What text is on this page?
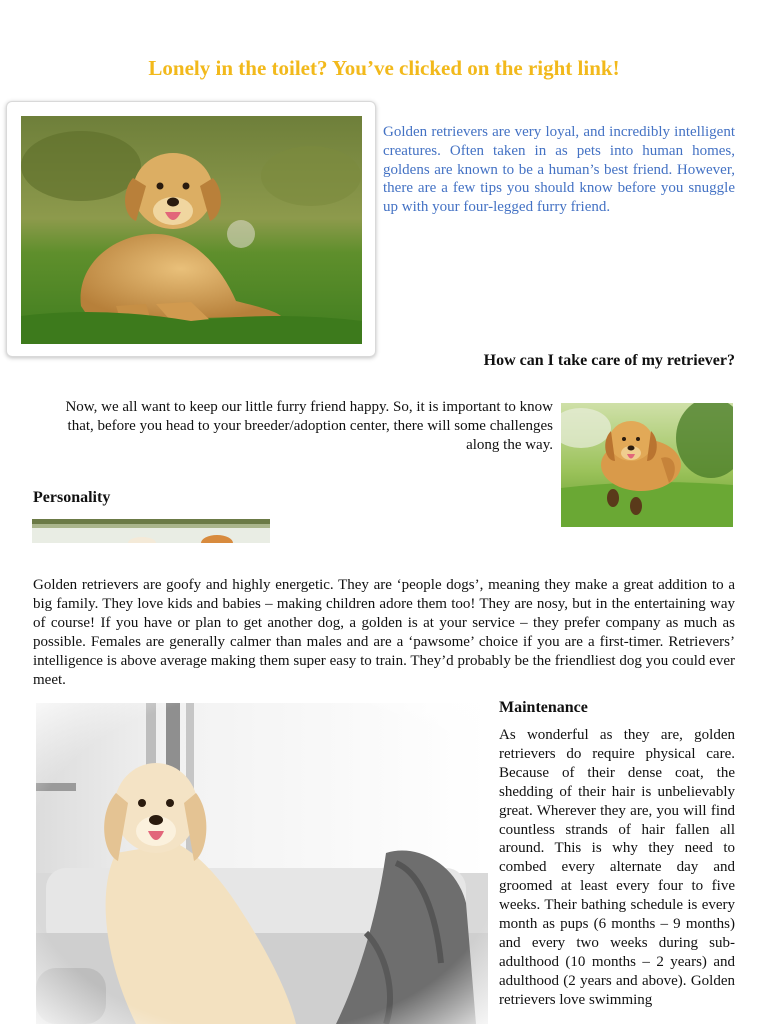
Lonely in the toilet? You’ve clicked on the right link!
Golden retrievers are very loyal, and incredibly intelligent creatures. Often taken in as pets into human homes, goldens are known to be a human’s best friend. However, there are a few tips you should know before you snuggle up with your four-legged furry friend.
How can I take care of my retriever?
Now, we all want to keep our little furry friend happy. So, it is important to know that, before you head to your breeder/adoption center, there will some challenges along the way.
Personality
Golden retrievers are goofy and highly energetic. They are ‘people dogs’, meaning they make a great addition to a big family. They love kids and babies – making children adore them too! They are nosy, but in the entertaining way of course! If you have or plan to get another dog, a golden is at your service – they prefer company as much as possible. Females are generally calmer than males and are a ‘pawsome’ choice if you are a first-timer. Retrievers’ intelligence is above average making them super easy to train. They’d probably be the friendliest dog you could ever meet.
Maintenance
As wonderful as they are, golden retrievers do require physical care. Because of their dense coat, the shedding of their hair is unbelievably great. Wherever they are, you will find countless strands of hair fallen all around. This is why they need to combed every alternate day and groomed at least every four to five weeks. Their bathing schedule is every month as pups (6 months – 9 months) and every two weeks during sub-adulthood (10 months – 2 years) and adulthood (2 years and above). Golden retrievers love swimming
